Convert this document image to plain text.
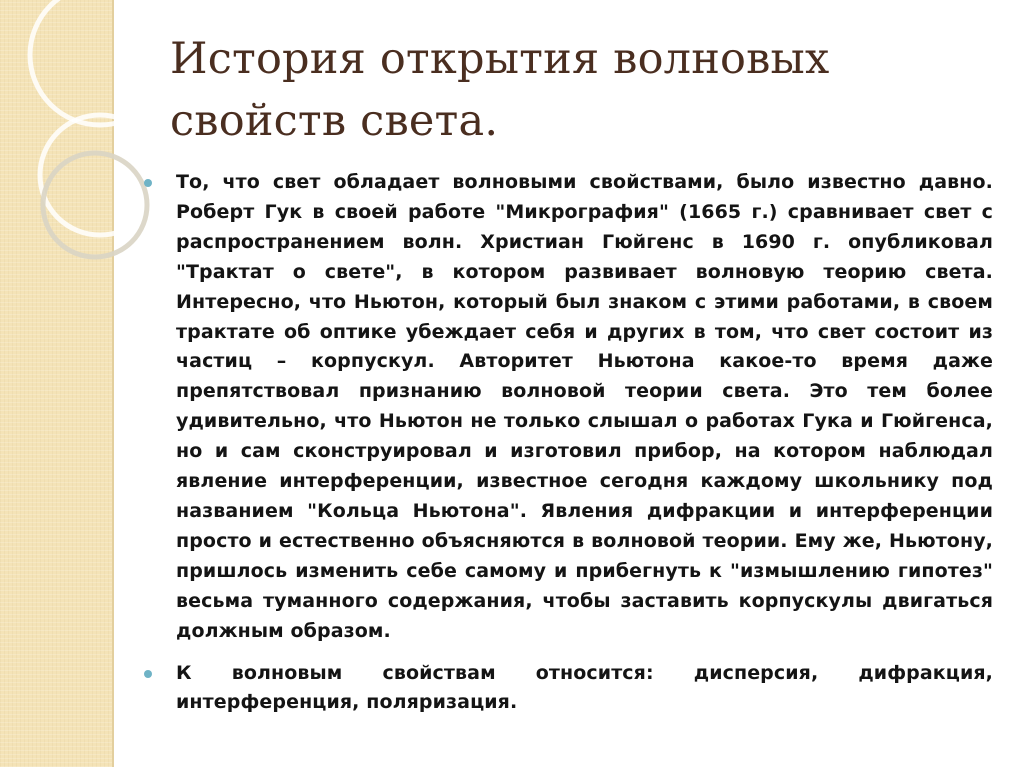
История открытия волновых свойств света.
То, что свет обладает волновыми свойствами, было известно давно. Роберт Гук в своей работе "Микрография" (1665 г.) сравнивает свет с распространением волн. Христиан Гюйгенс в 1690 г. опубликовал "Трактат о свете", в котором развивает волновую теорию света. Интересно, что Ньютон, который был знаком с этими работами, в своем трактате об оптике убеждает себя и других в том, что свет состоит из частиц – корпускул. Авторитет Ньютона какое-то время даже препятствовал признанию волновой теории света. Это тем более удивительно, что Ньютон не только слышал о работах Гука и Гюйгенса, но и сам сконструировал и изготовил прибор, на котором наблюдал явление интерференции, известное сегодня каждому школьнику под названием "Кольца Ньютона". Явления дифракции и интерференции просто и естественно объясняются в волновой теории. Ему же, Ньютону, пришлось изменить себе самому и прибегнуть к "измышлению гипотез" весьма туманного содержания, чтобы заставить корпускулы двигаться должным образом.
К волновым свойствам относится: дисперсия, дифракция, интерференция, поляризация.
